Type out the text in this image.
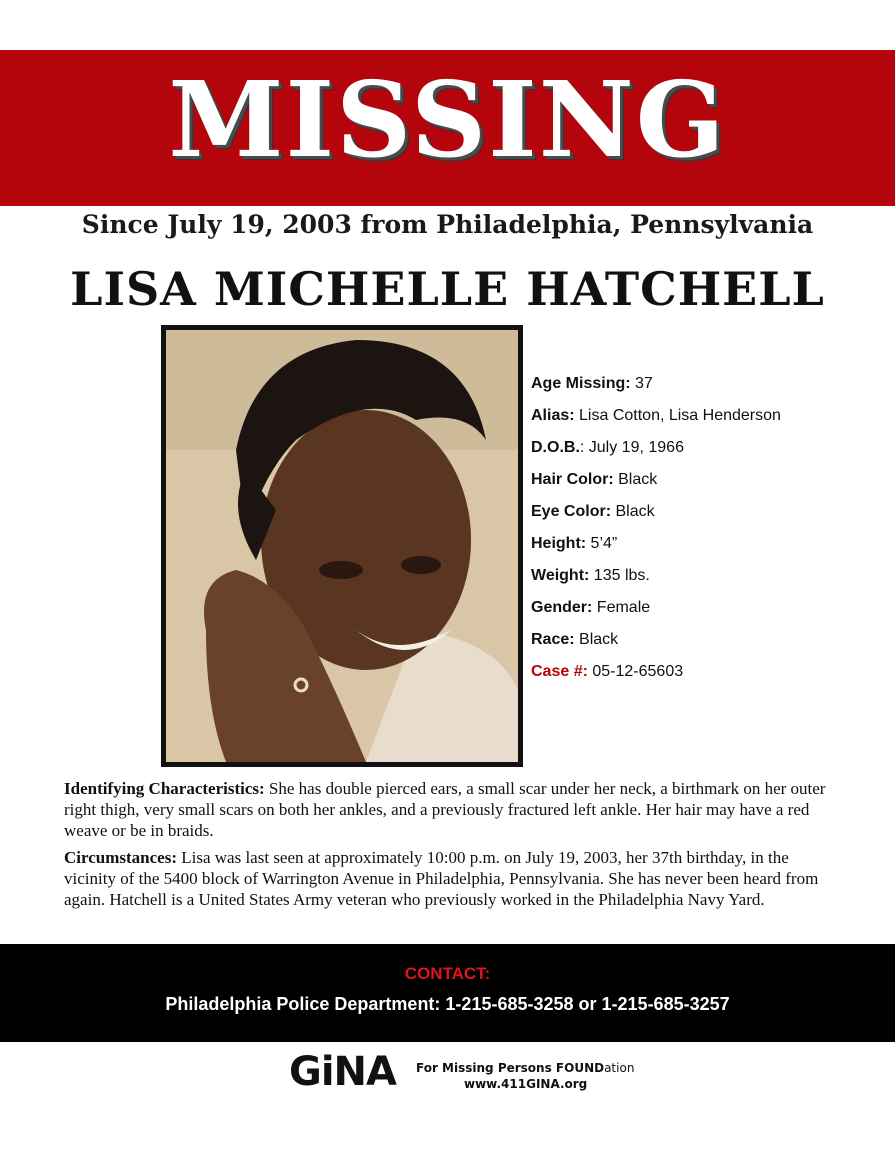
MISSING
Since July 19, 2003 from Philadelphia, Pennsylvania
LISA MICHELLE HATCHELL
Age Missing: 37
Alias: Lisa Cotton, Lisa Henderson
D.O.B.: July 19, 1966
Hair Color: Black
Eye Color: Black
Height: 5’4”
Weight: 135 lbs.
Gender: Female
Race: Black
Case #: 05-12-65603
Identifying Characteristics: She has double pierced ears, a small scar under her neck, a birthmark on her outer right thigh, very small scars on both her ankles, and a previously fractured left ankle. Her hair may have a red weave or be in braids.
Circumstances: Lisa was last seen at approximately 10:00 p.m. on July 19, 2003, her 37th birthday, in the vicinity of the 5400 block of Warrington Avenue in Philadelphia, Pennsylvania. She has never been heard from again. Hatchell is a United States Army veteran who previously worked in the Philadelphia Navy Yard.
CONTACT:
Philadelphia Police Department: 1-215-685-3258 or 1-215-685-3257
GiNA For Missing Persons FOUNDation
www.411GINA.org
